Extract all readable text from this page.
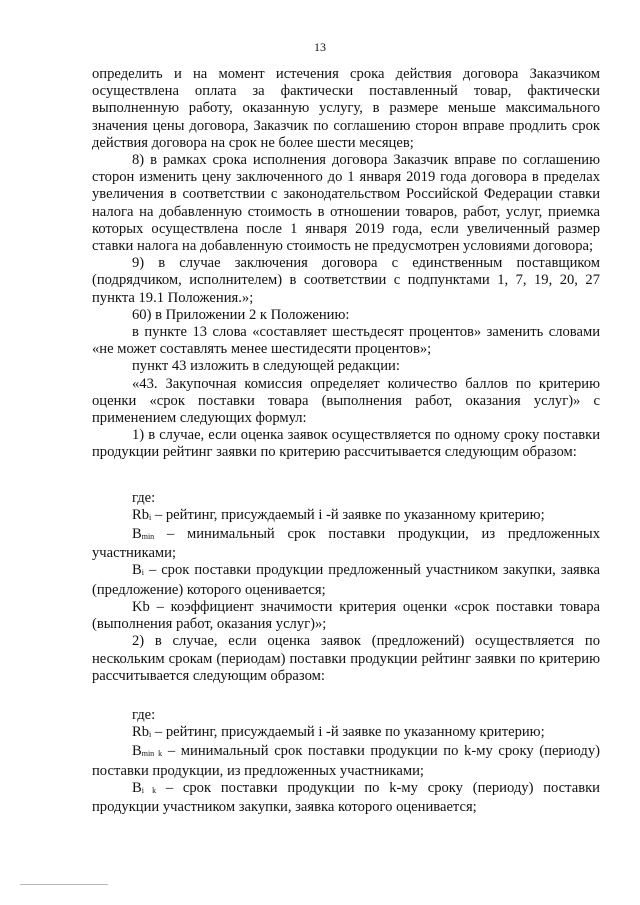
13

определить и на момент истечения срока действия договора Заказчиком осуществлена оплата за фактически поставленный товар, фактически выполненную работу, оказанную услугу, в размере меньше максимального значения цены договора, Заказчик по соглашению сторон вправе продлить срок действия договора на срок не более шести месяцев;

8) в рамках срока исполнения договора Заказчик вправе по соглашению сторон изменить цену заключенного до 1 января 2019 года договора в пределах увеличения в соответствии с законодательством Российской Федерации ставки налога на добавленную стоимость в отношении товаров, работ, услуг, приемка которых осуществлена после 1 января 2019 года, если увеличенный размер ставки налога на добавленную стоимость не предусмотрен условиями договора;

9) в случае заключения договора с единственным поставщиком (подрядчиком, исполнителем) в соответствии с подпунктами 1, 7, 19, 20, 27 пункта 19.1 Положения.»;

60) в Приложении 2 к Положению:

в пункте 13 слова «составляет шестьдесят процентов» заменить словами «не может составлять менее шестидесяти процентов»;

пункт 43 изложить в следующей редакции:

«43. Закупочная комиссия определяет количество баллов по критерию оценки «срок поставки товара (выполнения работ, оказания услуг)» с применением следующих формул:

1) в случае, если оценка заявок осуществляется по одному сроку поставки продукции рейтинг заявки по критерию рассчитывается следующим образом:

где:

Rbi – рейтинг, присуждаемый i -й заявке по указанному критерию;

Bmin – минимальный срок поставки продукции, из предложенных участниками;

Bi – срок поставки продукции предложенный участником закупки, заявка (предложение) которого оценивается;

Kb – коэффициент значимости критерия оценки «срок поставки товара (выполнения работ, оказания услуг)»;

2) в случае, если оценка заявок (предложений) осуществляется по нескольким срокам (периодам) поставки продукции рейтинг заявки по критерию рассчитывается следующим образом:

где:

Rbi – рейтинг, присуждаемый i -й заявке по указанному критерию;

Bmin k – минимальный срок поставки продукции по k-му сроку (периоду) поставки продукции, из предложенных участниками;

Bi k – срок поставки продукции по k-му сроку (периоду) поставки продукции участником закупки, заявка которого оценивается;
